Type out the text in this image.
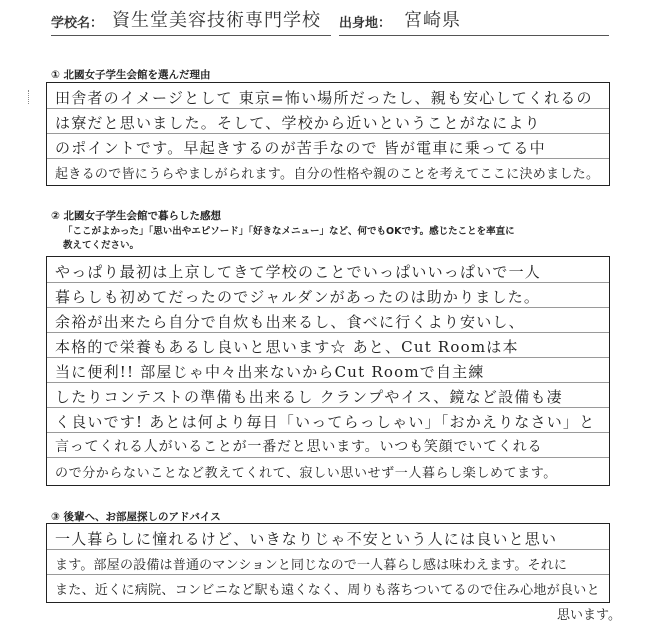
学校名： 資生堂美容技術専門学校 出身地： 宮崎県
① 北國女子学生会館を選んだ理由
田舎者のイメージとして 東京=怖い場所だったし、親も安心してくれるの
は寮だと思いました。そして、学校から近いということがなにより
のポイントです。早起きするのが苦手なので 皆が電車に乗ってる中
起きるので皆にうらやましがられます。自分の性格や親のことを考えてここに決めました。
② 北國女子学生会館で暮らした感想
「ここがよかった」「思い出やエピソード」「好きなメニュー」など、何でもOKです。感じたことを率直に
教えてください。
やっぱり最初は上京してきて学校のことでいっぱいいっぱいで一人
暮らしも初めてだったのでジャルダンがあったのは助かりました。
余裕が出来たら自分で自炊も出来るし、食べに行くより安いし、
本格的で栄養もあるし良いと思います☆ あと、Cut Roomは本
当に便利!! 部屋じゃ中々出来ないからCut Roomで自主練
したりコンテストの準備も出来るし クランプやイス、鏡など設備も凄
く良いです! あとは何より毎日「いってらっしゃい」「おかえりなさい」と
言ってくれる人がいることが一番だと思います。いつも笑顔でいてくれる
ので分からないことなど教えてくれて、寂しい思いせず一人暮らし楽しめてます。
③ 後輩へ、お部屋探しのアドバイス
一人暮らしに憧れるけど、いきなりじゃ不安という人には良いと思い
ます。部屋の設備は普通のマンションと同じなので一人暮らし感は味わえます。それに
また、近くに病院、コンビニなど駅も遠くなく、周りも落ちついてるので住み心地が良いと
思います。
